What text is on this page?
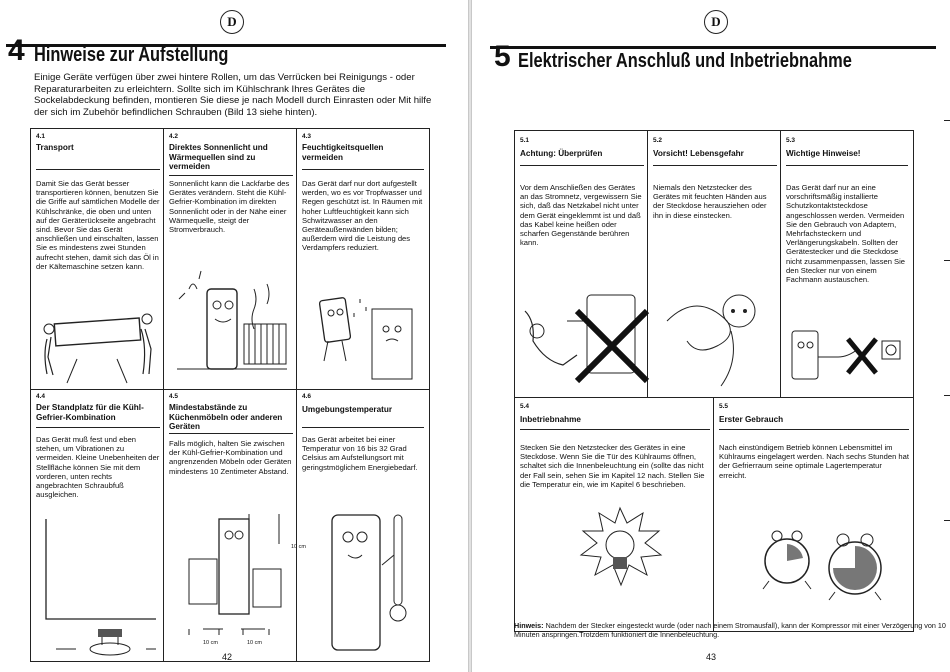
D
4 Hinweise zur Aufstellung
Einige Geräte verfügen über zwei hintere Rollen, um das Verrücken bei Reinigungs - oder Reparaturarbeiten zu erleichtern. Sollte sich im Kühlschrank Ihres Gerätes die Sockelabdeckung befinden, montieren Sie diese je nach Modell durch Einrasten oder Mit hilfe der sich im Zubehör befindlichen Schrauben (Bild 13 siehe hinten).
4.1
Transport
Damit Sie das Gerät besser transportieren können, benutzen Sie die Griffe auf sämtlichen Modelle der Kühlschränke, die oben und unten auf der Geräterückseite angebracht sind. Bevor Sie das Gerät anschließen und einschalten, lassen Sie es mindestens zwei Stunden aufrecht stehen, damit sich das Öl in der Kältemaschine setzen kann.
4.2
Direktes Sonnenlicht und Wärmequellen sind zu vermeiden
Sonnenlicht kann die Lackfarbe des Gerätes verändern. Steht die Kühl-Gefrier-Kombination im direkten Sonnenlicht oder in der Nähe einer Wärmequelle, steigt der Stromverbrauch.
4.3
Feuchtigkeitsquellen vermeiden
Das Gerät darf nur dort aufgestellt werden, wo es vor Tropfwasser und Regen geschützt ist. In Räumen mit hoher Luftfeuchtigkeit kann sich Schwitzwasser an den Geräteaußenwänden bilden; außerdem wird die Leistung des Verdampfers reduziert.
4.4
Der Standplatz für die Kühl-Gefrier-Kombination
Das Gerät muß fest und eben stehen, um Vibrationen zu vermeiden. Kleine Unebenheiten der Stellfläche können Sie mit dem vorderen, unten rechts angebrachten Schraubfuß ausgleichen.
4.5
Mindestabstände zu Küchenmöbeln oder anderen Geräten
Falls möglich, halten Sie zwischen der Kühl-Gefrier-Kombination und angrenzenden Möbeln oder Geräten mindestens 10 Zentimeter Abstand.
10 cm
10 cm	10 cm
4.6
Umgebungstemperatur
Das Gerät arbeitet bei einer Temperatur von 16 bis 32 Grad Celsius am Aufstellungsort mit geringstmöglichem Energiebedarf.
42
D
5 Elektrischer Anschluß und Inbetriebnahme
5.1
Achtung: Überprüfen
Vor dem Anschließen des Gerätes an das Stromnetz, vergewissern Sie sich, daß das Netzkabel nicht unter dem Gerät eingeklemmt ist und daß das Kabel keine heißen oder scharfen Gegenstände berühren kann.
5.2
Vorsicht! Lebensgefahr
Niemals den Netzstecker des Gerätes mit feuchten Händen aus der Steckdose herausziehen oder ihn in diese einstecken.
5.3
Wichtige Hinweise!
Das Gerät darf nur an eine vorschriftsmäßig installierte Schutzkontaktsteckdose angeschlossen werden. Vermeiden Sie den Gebrauch von Adaptern, Mehrfachsteckern und Verlängerungskabeln. Sollten der Gerätestecker und die Steckdose nicht zusammenpassen, lassen Sie den Stecker nur von einem Fachmann austauschen.
5.4
Inbetriebnahme
Stecken Sie den Netzstecker des Gerätes in eine Steckdose. Wenn Sie die Tür des Kühlraums öffnen, schaltet sich die Innenbeleuchtung ein (sollte das nicht der Fall sein, sehen Sie im Kapitel 12 nach. Stellen Sie die Temperatur ein, wie im Kapitel 6 beschrieben.
5.5
Erster Gebrauch
Nach einstündigem Betrieb können Lebensmittel im Kühlraums eingelagert werden. Nach sechs Stunden hat der Gefrierraum seine optimale Lagertemperatur erreicht.
Hinweis: Nachdem der Stecker eingesteckt wurde (oder nach einem Stromausfall), kann der Kompressor mit einer Verzögerung von 10 Minuten anspringen.Trotzdem funktioniert die Innenbeleuchtung.
43
